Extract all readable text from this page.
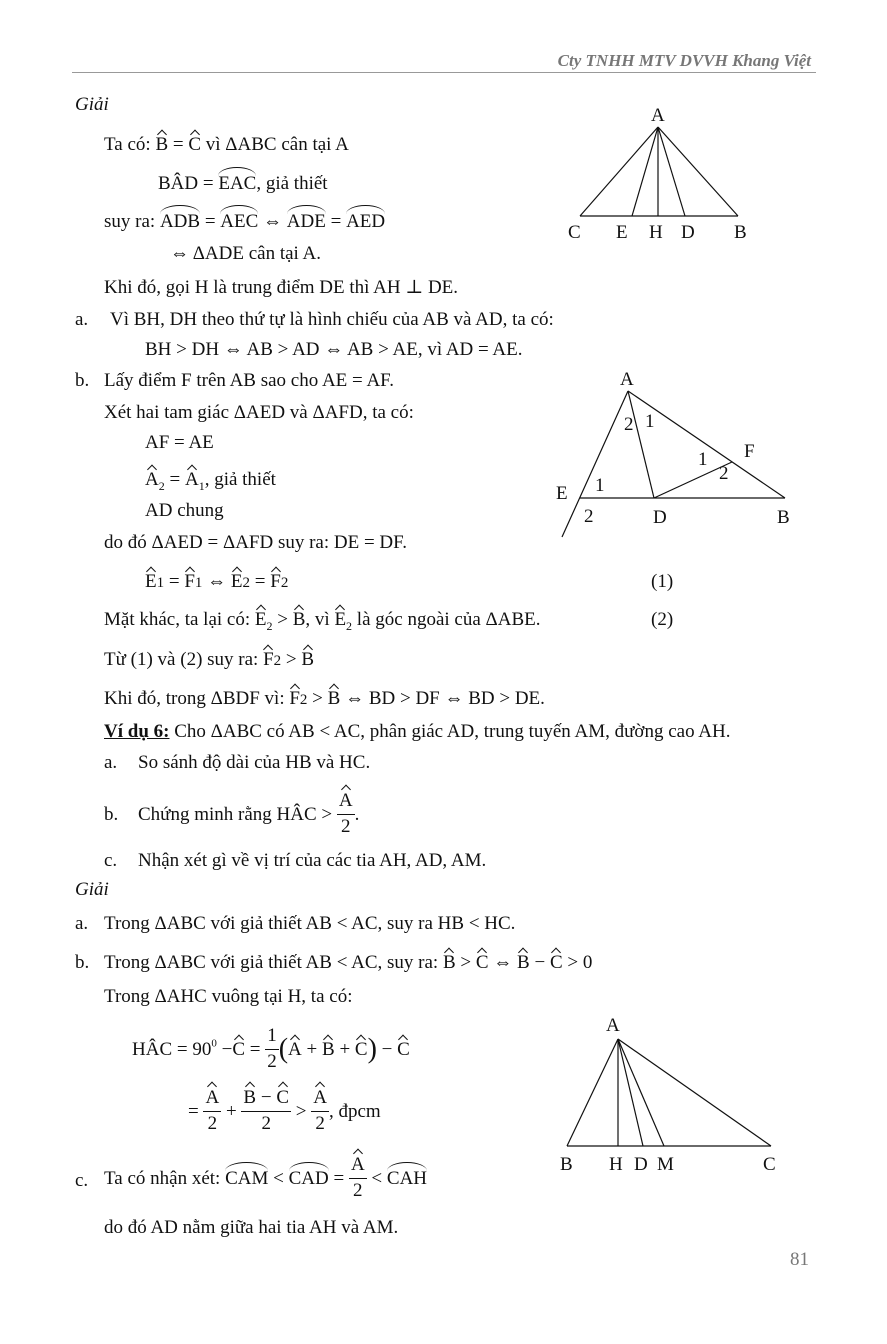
Cty TNHH MTV DVVH Khang Việt
Giải
Ta có: B = C vì ΔABC cân tại A
BÂD = EAC, giả thiết
suy ra: ADB = AEC ⇔ ADE = AED
⇔ ΔADE cân tại A.
Khi đó, gọi H là trung điểm DE thì AH ⊥ DE.
A
C E H D B
a. Vì BH, DH theo thứ tự là hình chiếu của AB và AD, ta có:
BH > DH ⇔ AB > AD ⇔ AB > AE, vì AD = AE.
b. Lấy điểm F trên AB sao cho AE = AF.
Xét hai tam giác ΔAED và ΔAFD, ta có:
AF = AE
$A_2 = A_1$, giả thiết
AD chung
do đó ΔAED = ΔAFD suy ra: DE = DF.
A
2 1
1 F
2
E 1
2	D	B
E1 = F1 ⇔ E2 = F2	(1)
Mặt khác, ta lại có: $E_2 > B$, vì $E_2$ là góc ngoài của ΔABE.	(2)
Từ (1) và (2) suy ra: F2 > B
Khi đó, trong ΔBDF vì: F2 > B ⇔ BD > DF ⇔ BD > DE.
Ví dụ 6: Cho ΔABC có AB < AC, phân giác AD, trung tuyến AM, đường cao AH.
a. So sánh độ dài của HB và HC.
b. Chứng minh rằng HÂC > $\frac{A}{2}$ .
c. Nhận xét gì về vị trí của các tia AH, AD, AM.
Giải
a. Trong ΔABC với giả thiết AB < AC, suy ra HB < HC.
b. Trong ΔABC với giả thiết AB < AC, suy ra: B > C ⇔ B − C > 0
Trong ΔAHC vuông tại H, ta có:
HÂC = $90^0 -C = \frac{1}{2} (A + B + C) - C$
= $\frac{A}{2} + \frac{B - C}{2} > \frac{A}{2}$ , đpcm
A
B H D M	C
c. Ta có nhận xét: CAM < CAD = $\frac{A}{2}$ < CAH
do đó AD nằm giữa hai tia AH và AM.
81
